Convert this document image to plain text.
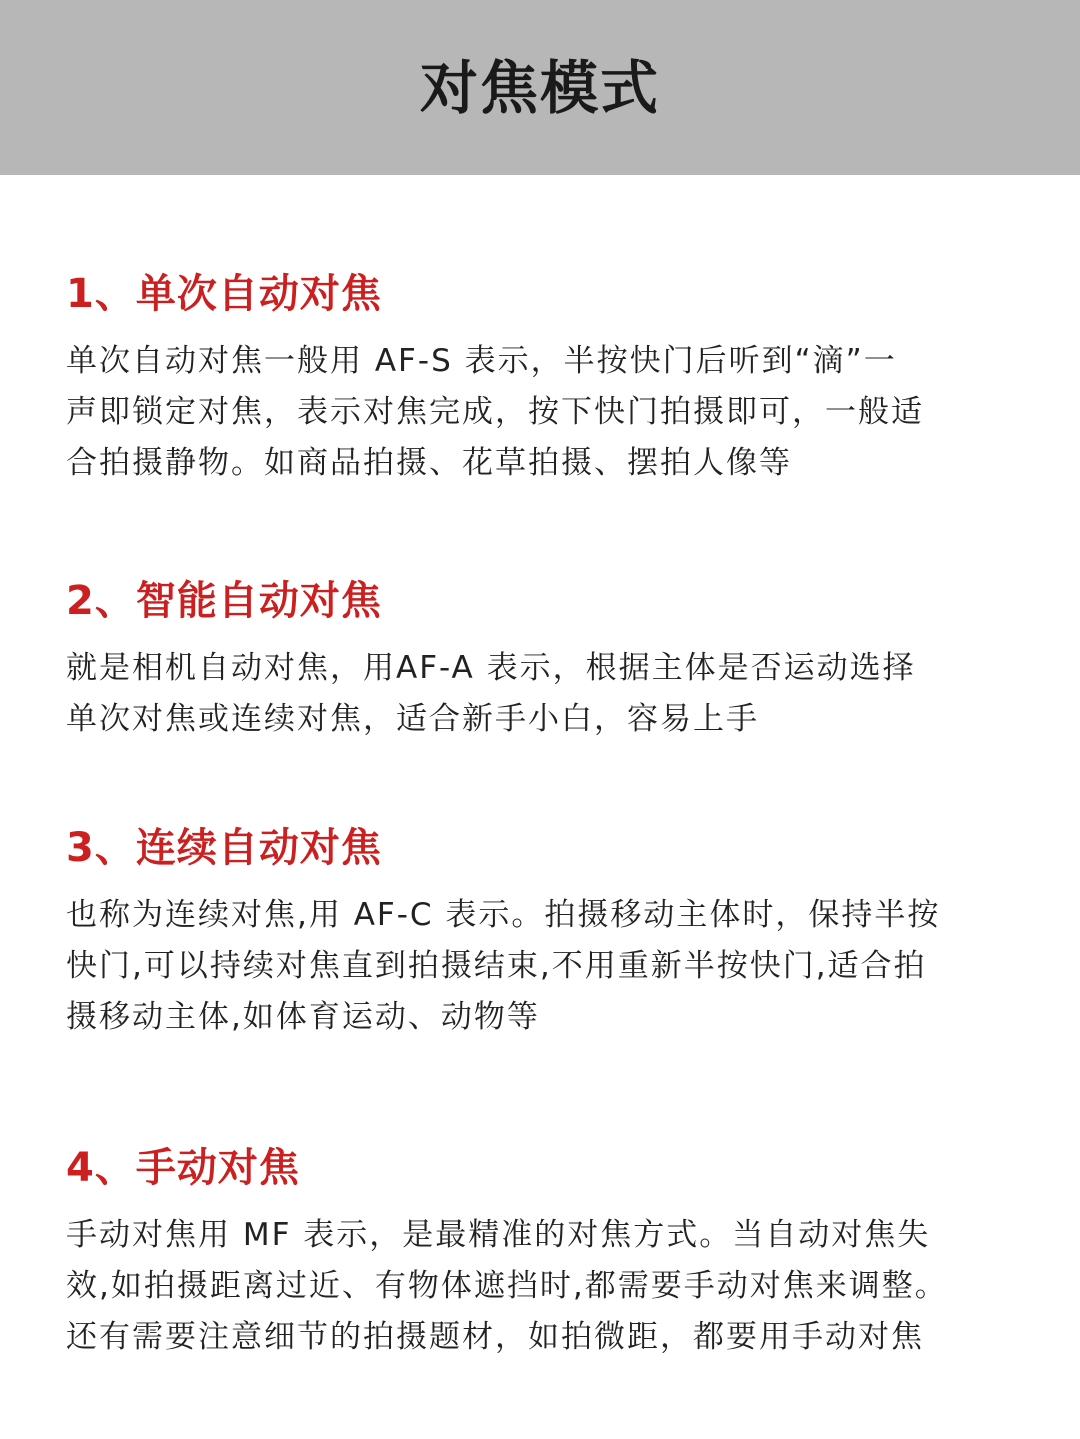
对焦模式
1、单次自动对焦
单次自动对焦一般用 AF-S 表示，半按快门后听到“滴”一
声即锁定对焦，表示对焦完成，按下快门拍摄即可，一般适
合拍摄静物。如商品拍摄、花草拍摄、摆拍人像等
2、智能自动对焦
就是相机自动对焦，用AF-A 表示，根据主体是否运动选择
单次对焦或连续对焦，适合新手小白，容易上手
3、连续自动对焦
也称为连续对焦,用 AF-C 表示。拍摄移动主体时，保持半按
快门,可以持续对焦直到拍摄结束,不用重新半按快门,适合拍
摄移动主体,如体育运动、动物等
4、手动对焦
手动对焦用 MF 表示，是最精准的对焦方式。当自动对焦失
效,如拍摄距离过近、有物体遮挡时,都需要手动对焦来调整。
还有需要注意细节的拍摄题材，如拍微距，都要用手动对焦
